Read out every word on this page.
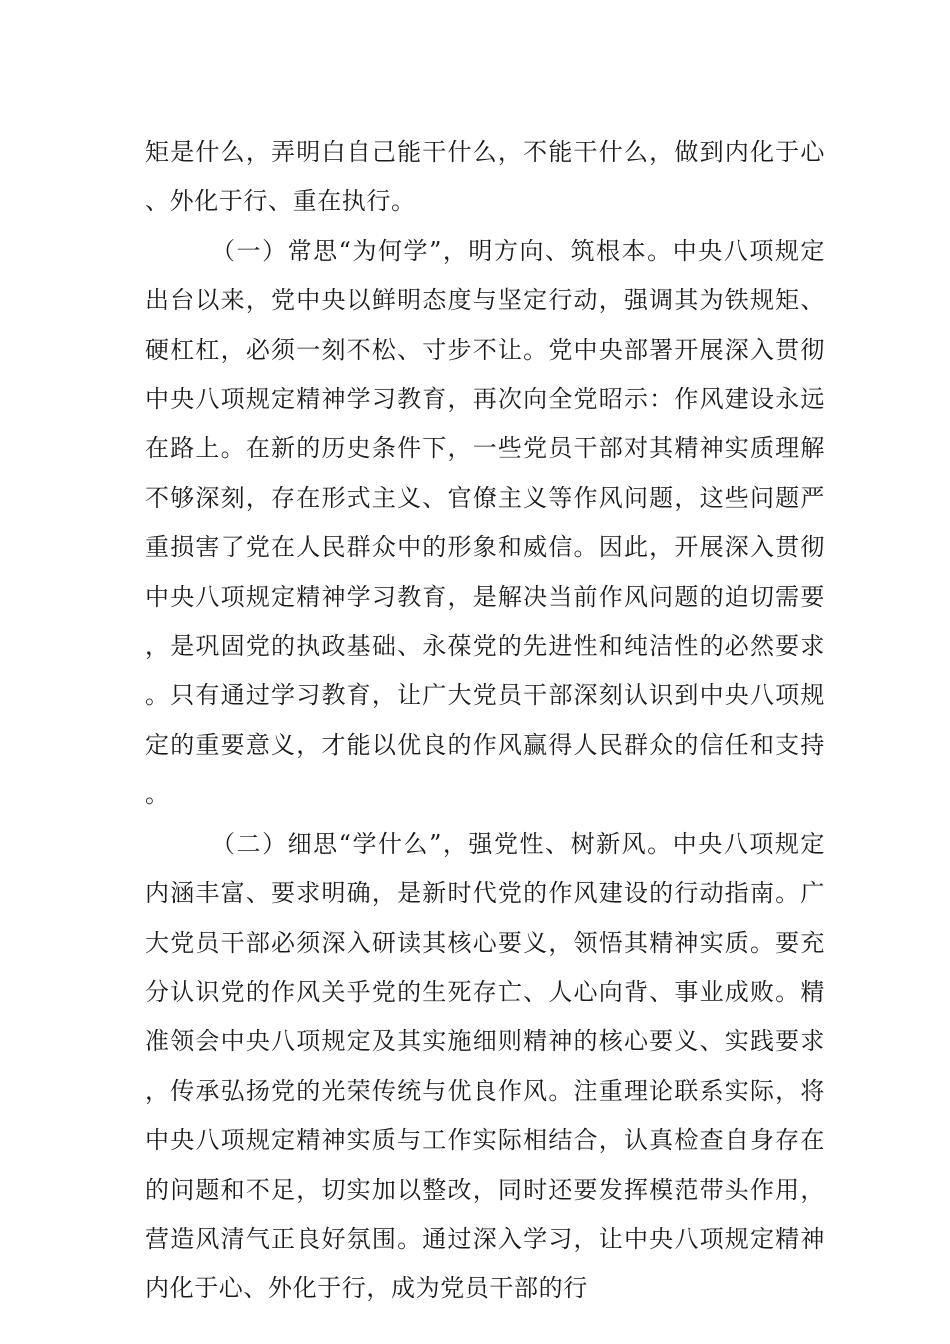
矩是什么，弄明白自己能干什么，不能干什么，做到内化于心、外化于行、重在执行。

（一）常思“为何学”，明方向、筑根本。中央八项规定出台以来，党中央以鲜明态度与坚定行动，强调其为铁规矩、硬杠杠，必须一刻不松、寸步不让。党中央部署开展深入贯彻中央八项规定精神学习教育，再次向全党昭示：作风建设永远在路上。在新的历史条件下，一些党员干部对其精神实质理解不够深刻，存在形式主义、官僚主义等作风问题，这些问题严重损害了党在人民群众中的形象和威信。因此，开展深入贯彻中央八项规定精神学习教育，是解决当前作风问题的迫切需要，是巩固党的执政基础、永葆党的先进性和纯洁性的必然要求。只有通过学习教育，让广大党员干部深刻认识到中央八项规定的重要意义，才能以优良的作风赢得人民群众的信任和支持。

（二）细思“学什么”，强党性、树新风。中央八项规定内涵丰富、要求明确，是新时代党的作风建设的行动指南。广大党员干部必须深入研读其核心要义，领悟其精神实质。要充分认识党的作风关乎党的生死存亡、人心向背、事业成败。精准领会中央八项规定及其实施细则精神的核心要义、实践要求，传承弘扬党的光荣传统与优良作风。注重理论联系实际，将中央八项规定精神实质与工作实际相结合，认真检查自身存在的问题和不足，切实加以整改，同时还要发挥模范带头作用，营造风清气正良好氛围。通过深入学习，让中央八项规定精神内化于心、外化于行，成为党员干部的行
